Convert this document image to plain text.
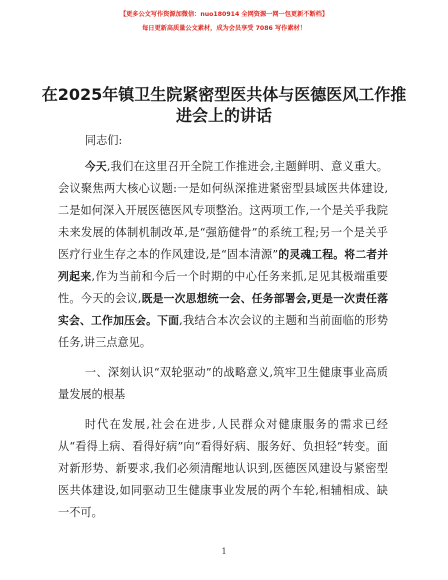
【更多公文写作资源加微信：nuo180914 全网资源一网一包更新不断档】
每日更新高质量公文素材，成为会员享受 7086 写作素材！
在2025年镇卫生院紧密型医共体与医德医风工作推进会上的讲话

同志们:

今天,我们在这里召开全院工作推进会,主题鲜明、意义重大。会议聚焦两大核心议题:一是如何纵深推进紧密型县域医共体建设,二是如何深入开展医德医风专项整治。这两项工作,一个是关乎我院未来发展的体制机制改革,是“强筋健骨”的系统工程;另一个是关乎医疗行业生存之本的作风建设,是“固本清源”的灵魂工程。将二者并列起来,作为当前和今后一个时期的中心任务来抓,足见其极端重要性。今天的会议,既是一次思想统一会、任务部署会,更是一次责任落实会、工作加压会。下面,我结合本次会议的主题和当前面临的形势任务,讲三点意见。

一、深刻认识“双轮驱动”的战略意义,筑牢卫生健康事业高质量发展的根基

时代在发展,社会在进步,人民群众对健康服务的需求已经从“看得上病、看得好病”向“看得好病、服务好、负担轻”转变。面对新形势、新要求,我们必须清醒地认识到,医德医风建设与紧密型医共体建设,如同驱动卫生健康事业发展的两个车轮,相辅相成、缺一不可。

1
